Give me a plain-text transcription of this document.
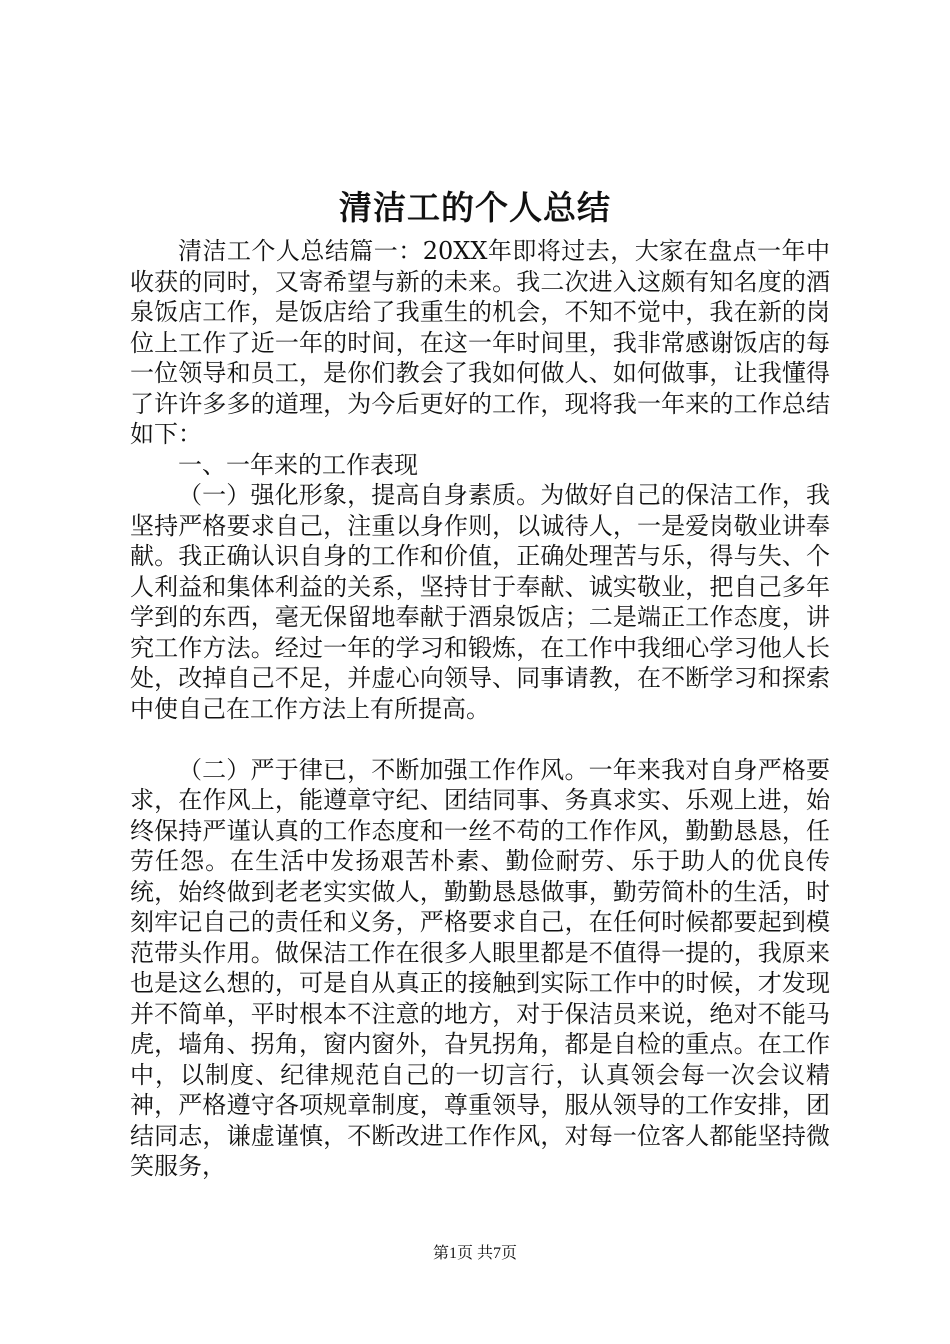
清洁工的个人总结

清洁工个人总结篇一：20XX年即将过去，大家在盘点一年中收获的同时，又寄希望与新的未来。我二次进入这颇有知名度的酒泉饭店工作，是饭店给了我重生的机会，不知不觉中，我在新的岗位上工作了近一年的时间，在这一年时间里，我非常感谢饭店的每一位领导和员工，是你们教会了我如何做人、如何做事，让我懂得了许许多多的道理，为今后更好的工作，现将我一年来的工作总结如下：

一、一年来的工作表现

（一）强化形象，提高自身素质。为做好自己的保洁工作，我坚持严格要求自己，注重以身作则，以诚待人，一是爱岗敬业讲奉献。我正确认识自身的工作和价值，正确处理苦与乐，得与失、个人利益和集体利益的关系，坚持甘于奉献、诚实敬业，把自己多年学到的东西，毫无保留地奉献于酒泉饭店；二是端正工作态度，讲究工作方法。经过一年的学习和锻炼，在工作中我细心学习他人长处，改掉自己不足，并虚心向领导、同事请教，在不断学习和探索中使自己在工作方法上有所提高。

（二）严于律已，不断加强工作作风。一年来我对自身严格要求，在作风上，能遵章守纪、团结同事、务真求实、乐观上进，始终保持严谨认真的工作态度和一丝不苟的工作作风，勤勤恳恳，任劳任怨。在生活中发扬艰苦朴素、勤俭耐劳、乐于助人的优良传统，始终做到老老实实做人，勤勤恳恳做事，勤劳简朴的生活，时刻牢记自己的责任和义务，严格要求自己，在任何时候都要起到模范带头作用。做保洁工作在很多人眼里都是不值得一提的，我原来也是这么想的，可是自从真正的接触到实际工作中的时候，才发现并不简单，平时根本不注意的地方，对于保洁员来说，绝对不能马虎，墙角、拐角，窗内窗外，旮旯拐角，都是自检的重点。在工作中，以制度、纪律规范自己的一切言行，认真领会每一次会议精神，严格遵守各项规章制度，尊重领导，服从领导的工作安排，团结同志，谦虚谨慎，不断改进工作作风，对每一位客人都能坚持微笑服务，

第1页 共7页
